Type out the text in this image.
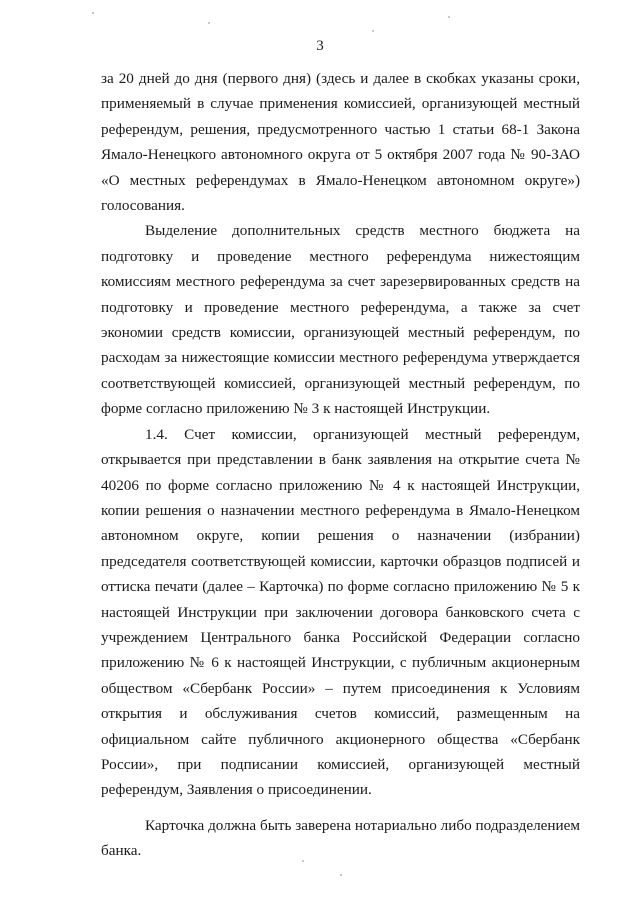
3

за 20 дней до дня (первого дня) (здесь и далее в скобках указаны сроки, применяемый в случае применения комиссией, организующей местный референдум, решения, предусмотренного частью 1 статьи 68-1 Закона Ямало-Ненецкого автономного округа от 5 октября 2007 года № 90-ЗАО «О местных референдумах в Ямало-Ненецком автономном округе») голосования.

Выделение дополнительных средств местного бюджета на подготовку и проведение местного референдума нижестоящим комиссиям местного референдума за счет зарезервированных средств на подготовку и проведение местного референдума, а также за счет экономии средств комиссии, организующей местный референдум, по расходам за нижестоящие комиссии местного референдума утверждается соответствующей комиссией, организующей местный референдум, по форме согласно приложению № 3 к настоящей Инструкции.

1.4. Счет комиссии, организующей местный референдум, открывается при представлении в банк заявления на открытие счета № 40206 по форме согласно приложению № 4 к настоящей Инструкции, копии решения о назначении местного референдума в Ямало-Ненецком автономном округе, копии решения о назначении (избрании) председателя соответствующей комиссии, карточки образцов подписей и оттиска печати (далее – Карточка) по форме согласно приложению № 5 к настоящей Инструкции при заключении договора банковского счета с учреждением Центрального банка Российской Федерации согласно приложению № 6 к настоящей Инструкции, с публичным акционерным обществом «Сбербанк России» – путем присоединения к Условиям открытия и обслуживания счетов комиссий, размещенным на официальном сайте публичного акционерного общества «Сбербанк России», при подписании комиссией, организующей местный референдум, Заявления о присоединении.

Карточка должна быть заверена нотариально либо подразделением банка.
